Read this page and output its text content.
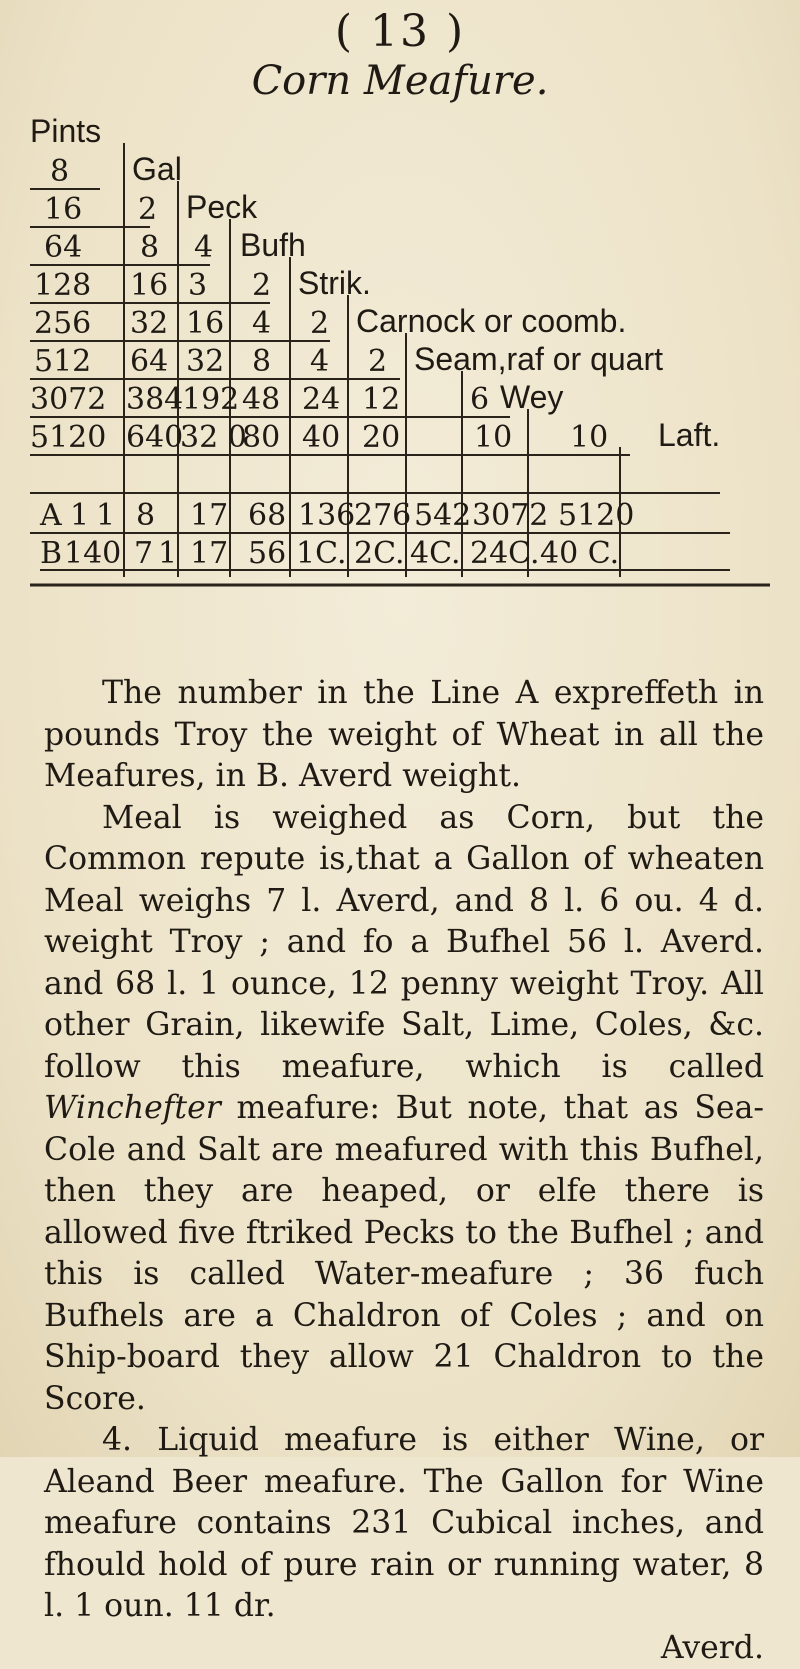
( 13 )
Corn Meafure.
Pints
Gal
Peck
Bufh
Strik.
Carnock or coomb.
Seam,raf or quart
Wey
Laft.
8
16 2
64 8 4
128 16 3 2
256 32 16 4 2
512 64 32 8 4 2
3072 384
192 48 24 12 6
5120 640
32 0
80 40 20 10 10
A 1 1 8 17 68 136
276 542 3072 5120
B 140 7 1 17 56 1C. 2C. 4C. 24C. 40 C.

The number in the Line A expreffeth in pounds Troy the weight of Wheat in all the Meafures, in B. Averd weight.

Meal is weighed as Corn, but the Common repute is,that a Gallon of wheaten Meal weighs 7 l. Averd, and 8 l. 6 ou. 4 d. weight Troy ; and fo a Bufhel 56 l. Averd. and 68 l. 1 ounce, 12 penny weight Troy. All other Grain, likewife Salt, Lime, Coles, &c. follow this meafure, which is called Winchefter meafure: But note, that as Sea-Cole and Salt are meafured with this Bufhel, then they are heaped, or elfe there is allowed five ftriked Pecks to the Bufhel ; and this is called Water-meafure ; 36 fuch Bufhels are a Chaldron of Coles ; and on Ship-board they allow 21 Chaldron to the Score.

4. Liquid meafure is either Wine, or Aleand Beer meafure. The Gallon for Wine meafure contains 231 Cubical inches, and fhould hold of pure rain or running water, 8 l. 1 oun. 11 dr.

Averd.
